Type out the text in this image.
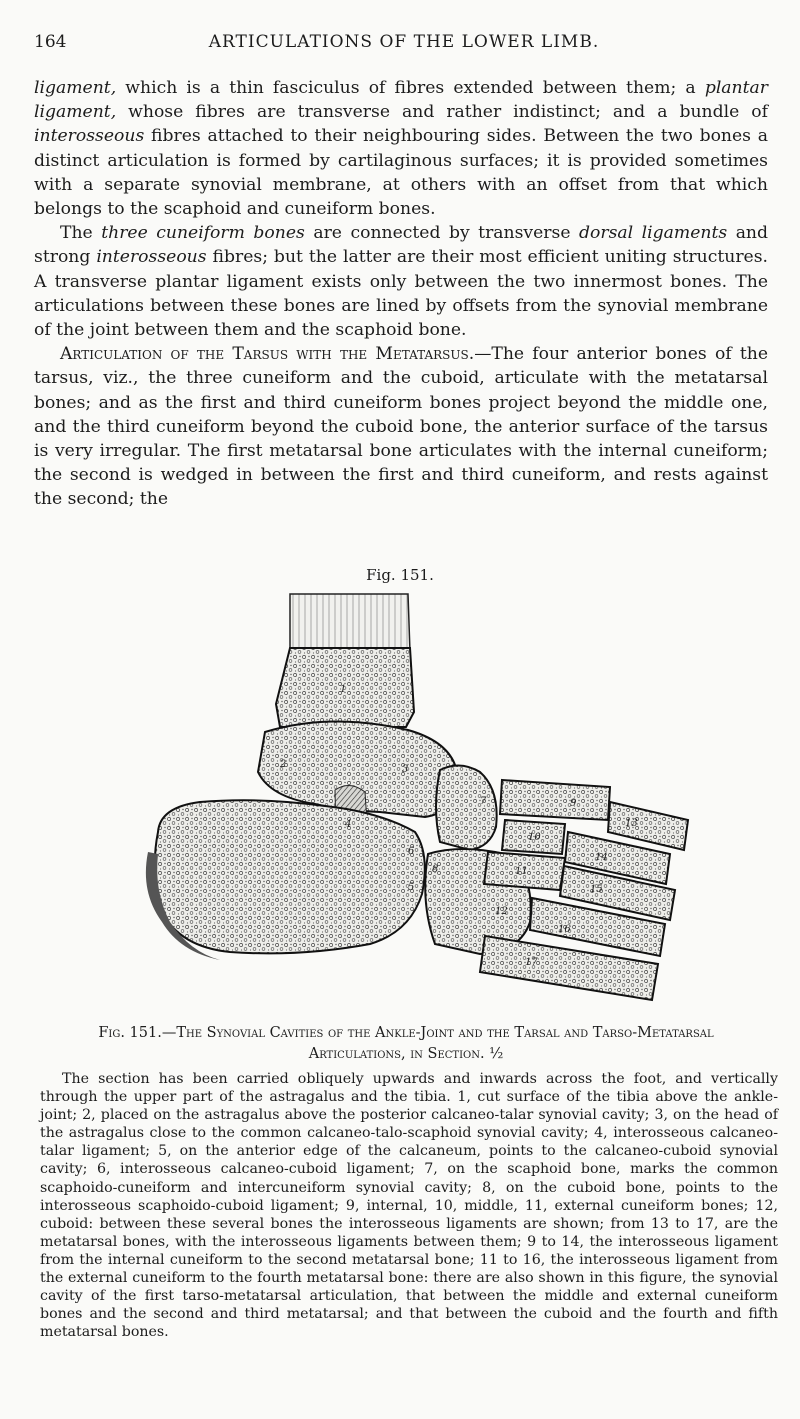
164	ARTICULATIONS OF THE LOWER LIMB.

ligament, which is a thin fasciculus of fibres extended between them; a plantar ligament, whose fibres are transverse and rather indistinct; and a bundle of interosseous fibres attached to their neighbouring sides. Between the two bones a distinct articulation is formed by cartilaginous surfaces; it is provided sometimes with a separate synovial membrane, at others with an offset from that which belongs to the scaphoid and cuneiform bones.

The three cuneiform bones are connected by transverse dorsal ligaments and strong interosseous fibres; but the latter are their most efficient uniting structures. A transverse plantar ligament exists only between the two innermost bones. The articulations between these bones are lined by offsets from the synovial membrane of the joint between them and the scaphoid bone.

Articulation of the Tarsus with the Metatarsus.—The four anterior bones of the tarsus, viz., the three cuneiform and the cuboid, articulate with the metatarsal bones; and as the first and third cuneiform bones project beyond the middle one, and the third cuneiform beyond the cuboid bone, the anterior surface of the tarsus is very irregular. The first metatarsal bone articulates with the internal cuneiform; the second is wedged in between the first and third cuneiform, and rests against the second; the

Fig. 151.
1
2	3
4
5
6
7
8
9
10
11
12
13
14
15
16
17
Fig. 151.—The Synovial Cavities of the Ankle-Joint and the Tarsal and Tarso-Metatarsal Articulations, in Section. ½

The section has been carried obliquely upwards and inwards across the foot, and vertically through the upper part of the astragalus and the tibia. 1, cut surface of the tibia above the ankle-joint; 2, placed on the astragalus above the posterior calcaneo-talar synovial cavity; 3, on the head of the astragalus close to the common calcaneo-talo-scaphoid synovial cavity; 4, interosseous calcaneo-talar ligament; 5, on the anterior edge of the calcaneum, points to the calcaneo-cuboid synovial cavity; 6, interosseous calcaneo-cuboid ligament; 7, on the scaphoid bone, marks the common scaphoido-cuneiform and intercuneiform synovial cavity; 8, on the cuboid bone, points to the interosseous scaphoido-cuboid ligament; 9, internal, 10, middle, 11, external cuneiform bones; 12, cuboid: between these several bones the interosseous ligaments are shown; from 13 to 17, are the metatarsal bones, with the interosseous ligaments between them; 9 to 14, the interosseous ligament from the internal cuneiform to the second metatarsal bone; 11 to 16, the interosseous ligament from the external cuneiform to the fourth metatarsal bone: there are also shown in this figure, the synovial cavity of the first tarso-metatarsal articulation, that between the middle and external cuneiform bones and the second and third metatarsal; and that between the cuboid and the fourth and fifth metatarsal bones.
